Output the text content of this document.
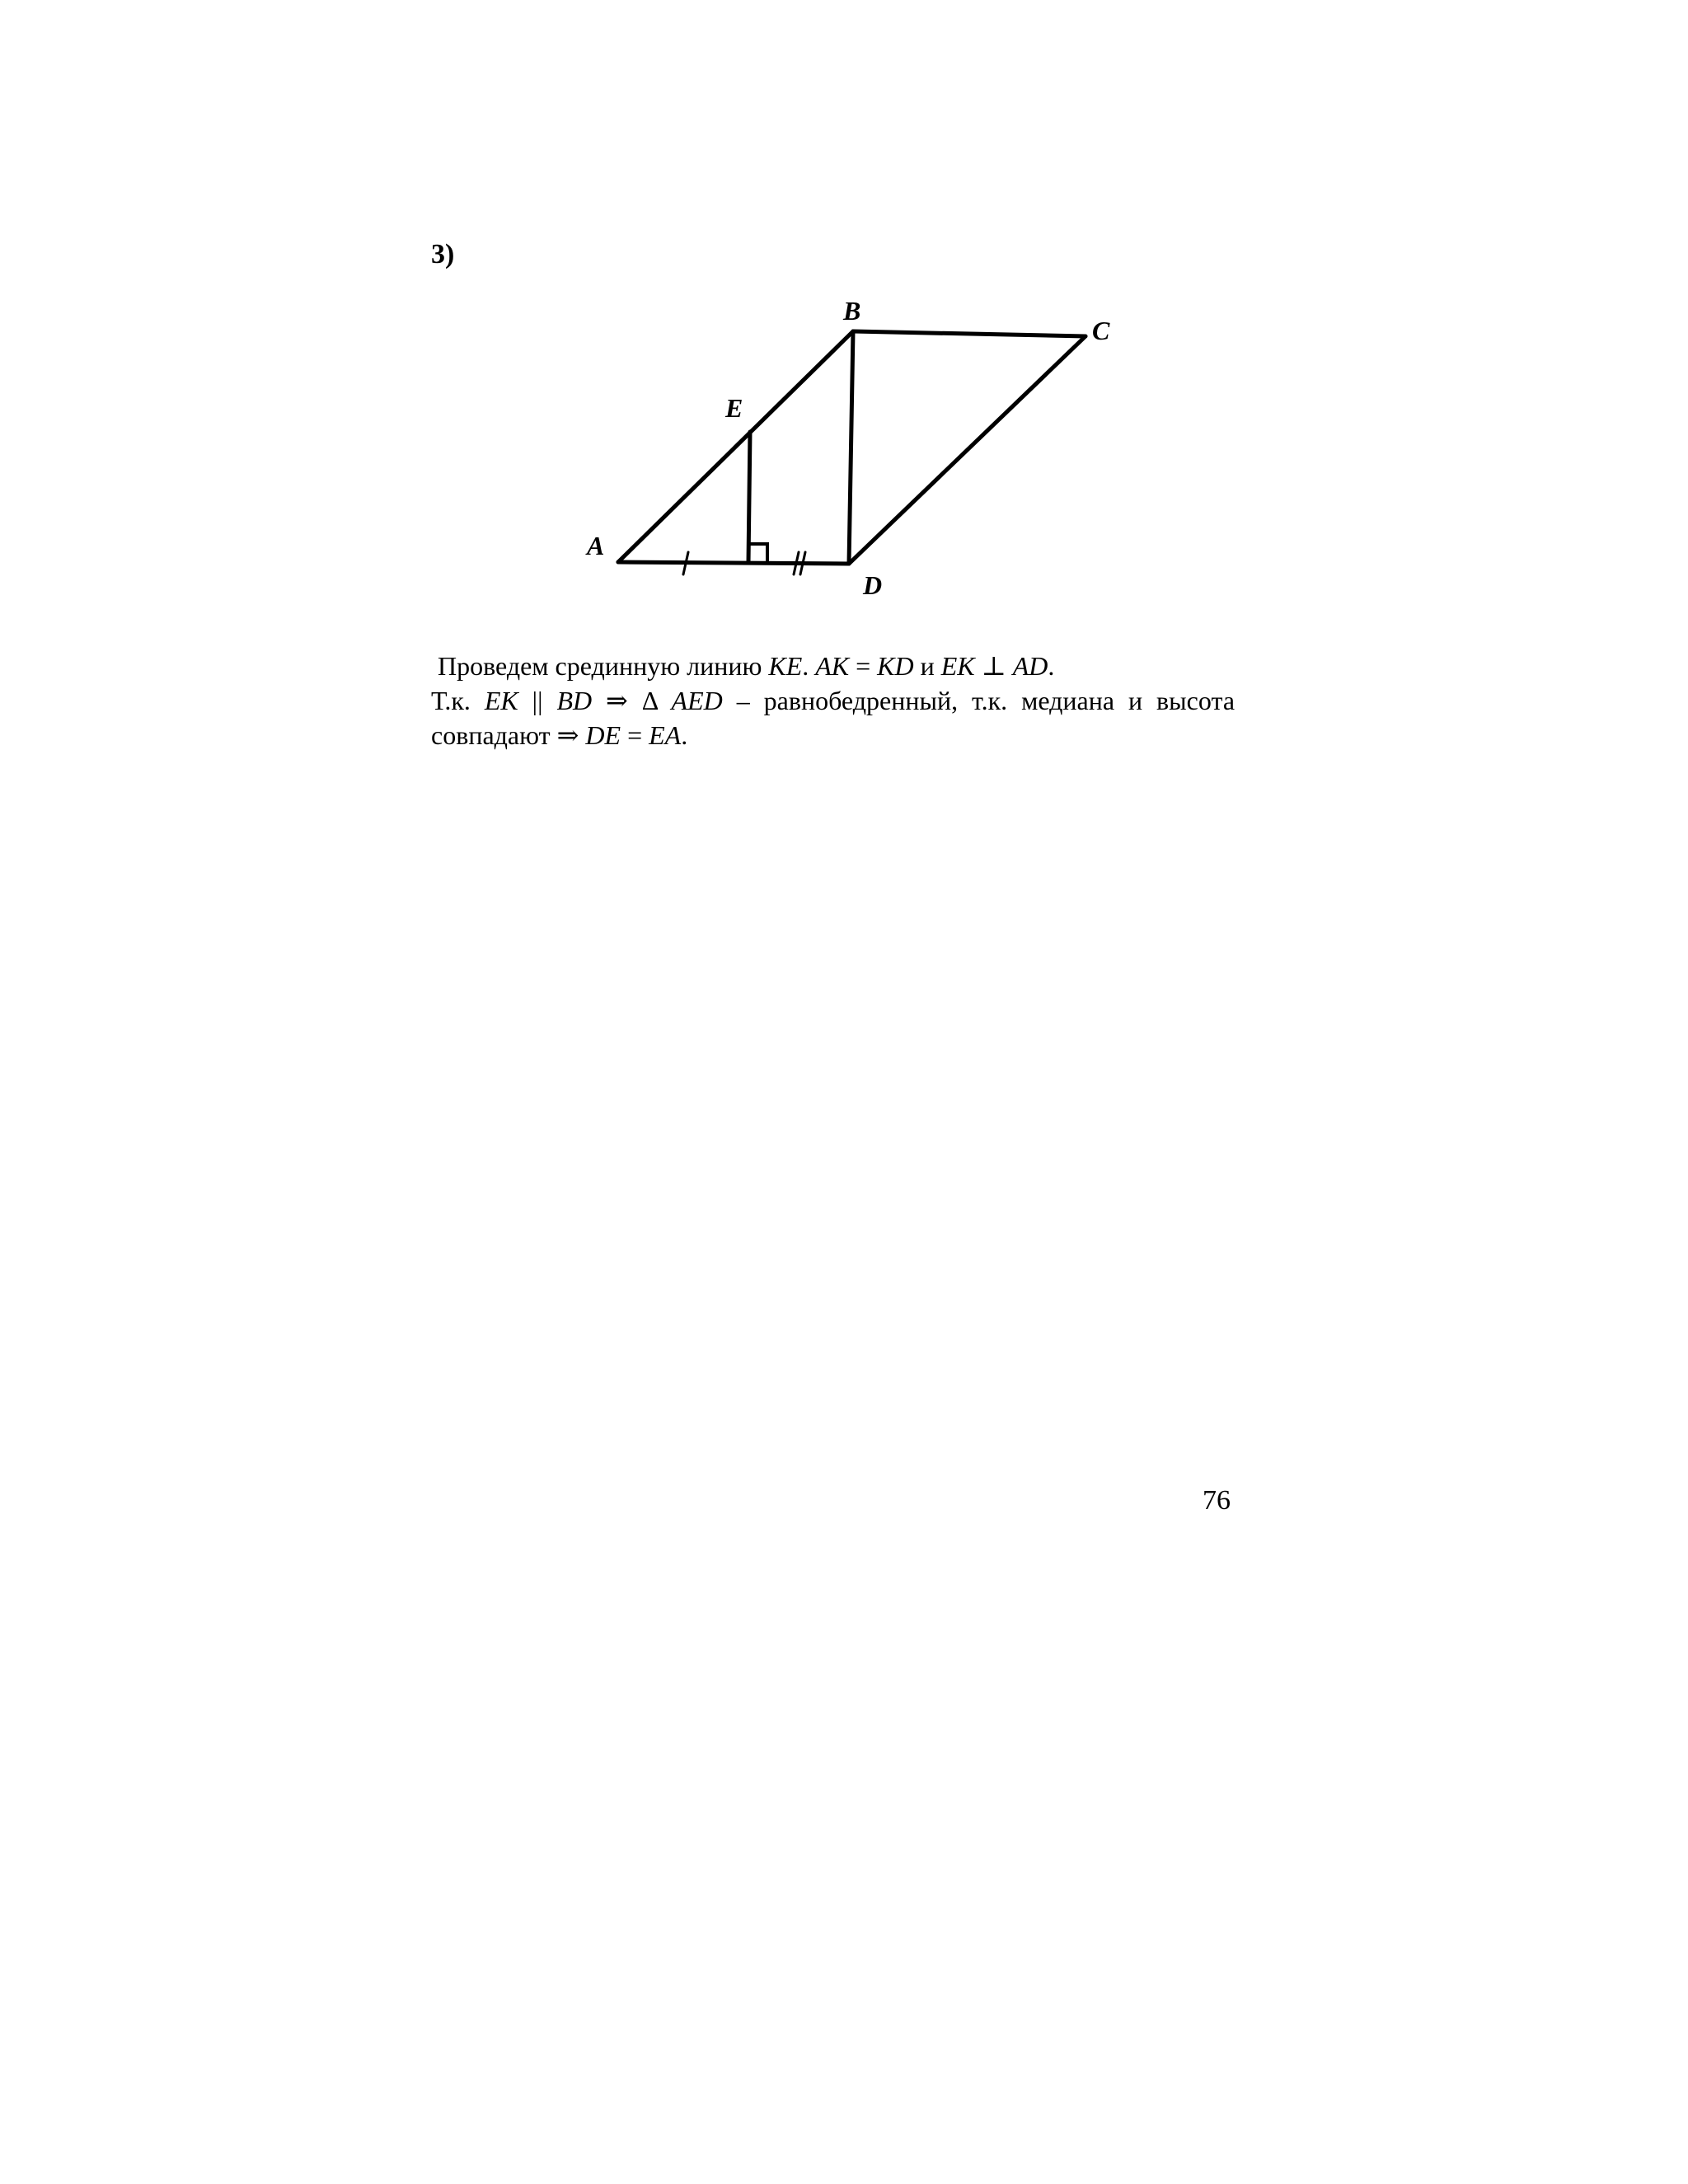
3)
B
C
E
A
D
Проведем срединную линию KE. AK = KD и EK ⊥ AD.
Т.к. EK || BD ⇒ Δ AED – равнобедренный, т.к. медиана и высота
совпадают ⇒ DE = EA.
76
